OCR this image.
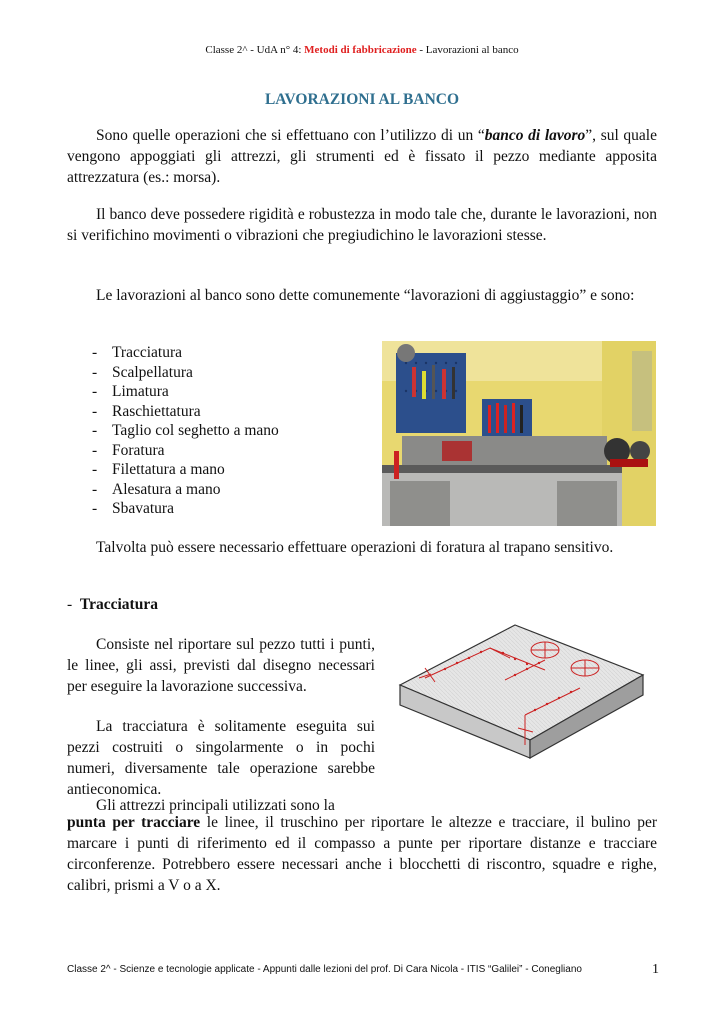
Classe 2^ - UdA n° 4: Metodi di fabbricazione - Lavorazioni al banco
LAVORAZIONI AL BANCO

Sono quelle operazioni che si effettuano con l’utilizzo di un “banco di lavoro”, sul quale vengono appoggiati gli attrezzi, gli strumenti ed è fissato il pezzo mediante apposita attrezzatura (es.: morsa).

Il banco deve possedere rigidità e robustezza in modo tale che, durante le lavorazioni, non si verifichino movimenti o vibrazioni che pregiudichino le lavorazioni stesse.

Le lavorazioni al banco sono dette comunemente “lavorazioni di aggiustaggio” e sono:

- Tracciatura
- Scalpellatura
- Limatura
- Raschiettatura
- Taglio col seghetto a mano
- Foratura
- Filettatura a mano
- Alesatura a mano
- Sbavatura

Talvolta può essere necessario effettuare operazioni di foratura al trapano sensitivo.

- Tracciatura

Consiste nel riportare sul pezzo tutti i punti, le linee, gli assi, previsti dal disegno necessari per eseguire la lavorazione successiva.

La tracciatura è solitamente eseguita sui pezzi costruiti o singolarmente o in pochi numeri, diversamente tale operazione sarebbe antieconomica.

Gli attrezzi principali utilizzati sono la

punta per tracciare le linee, il truschino per riportare le altezze e tracciare, il bulino per marcare i punti di riferimento ed il compasso a punte per riportare distanze e tracciare circonferenze. Potrebbero essere necessari anche i blocchetti di riscontro, squadre e righe, calibri, prismi a V o a X.

Classe 2^ - Scienze e tecnologie applicate - Appunti dalle lezioni del prof. Di Cara Nicola - ITIS “Galilei” - Conegliano	1
